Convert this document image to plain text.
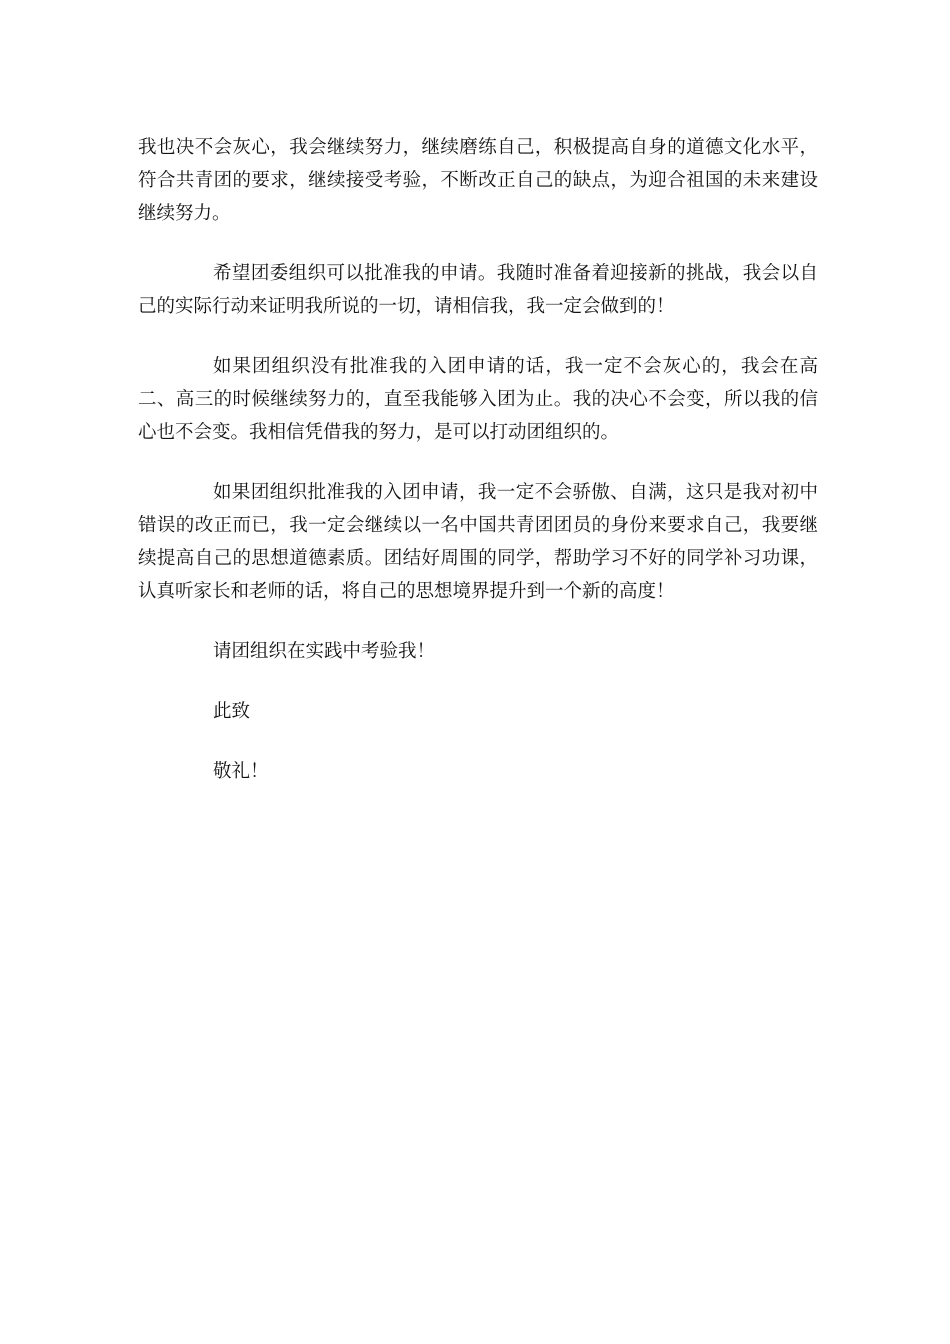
我也决不会灰心，我会继续努力，继续磨练自己，积极提高自身的道德文化水平，符合共青团的要求，继续接受考验，不断改正自己的缺点，为迎合祖国的未来建设继续努力。

希望团委组织可以批准我的申请。我随时准备着迎接新的挑战，我会以自己的实际行动来证明我所说的一切，请相信我，我一定会做到的！

如果团组织没有批准我的入团申请的话，我一定不会灰心的，我会在高二、高三的时候继续努力的，直至我能够入团为止。我的决心不会变，所以我的信心也不会变。我相信凭借我的努力，是可以打动团组织的。

如果团组织批准我的入团申请，我一定不会骄傲、自满，这只是我对初中错误的改正而已，我一定会继续以一名中国共青团团员的身份来要求自己，我要继续提高自己的思想道德素质。团结好周围的同学，帮助学习不好的同学补习功课，认真听家长和老师的话，将自己的思想境界提升到一个新的高度！

请团组织在实践中考验我！

此致

敬礼！
